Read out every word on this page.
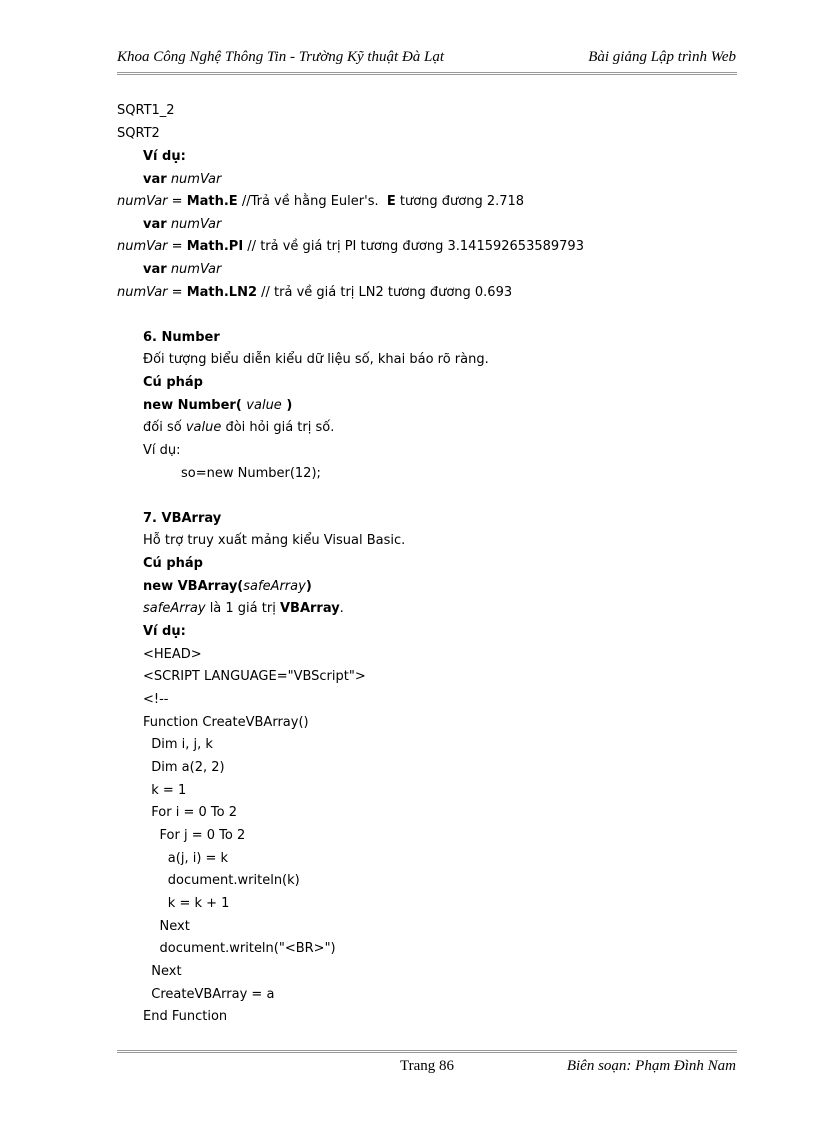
Khoa Công Nghệ Thông Tin - Trường Kỹ thuật Đà Lạt	Bài giảng Lập trình Web
SQRT1_2
SQRT2
Ví dụ:
var numVar
numVar = Math.E //Trả về hằng Euler's.  E tương đương 2.718
var numVar
numVar = Math.PI // trả về giá trị PI tương đương 3.141592653589793
var numVar
numVar = Math.LN2 // trả về giá trị LN2 tương đương 0.693
6. Number
Đối tượng biểu diễn kiểu dữ liệu số, khai báo rõ ràng.
Cú pháp
new Number( value )
đối số value đòi hỏi giá trị số.
Ví dụ:
so=new Number(12);
7. VBArray
Hỗ trợ truy xuất mảng kiểu Visual Basic.
Cú pháp
new VBArray(safeArray)
safeArray là 1 giá trị VBArray.
Ví dụ:
<HEAD>
<SCRIPT LANGUAGE="VBScript">
<!--
Function CreateVBArray()
Dim i, j, k
Dim a(2, 2)
k = 1
For i = 0 To 2
For j = 0 To 2
a(j, i) = k
document.writeln(k)
k = k + 1
Next
document.writeln("<BR>")
Next
CreateVBArray = a
End Function
Trang 86	Biên soạn: Phạm Đình Nam
